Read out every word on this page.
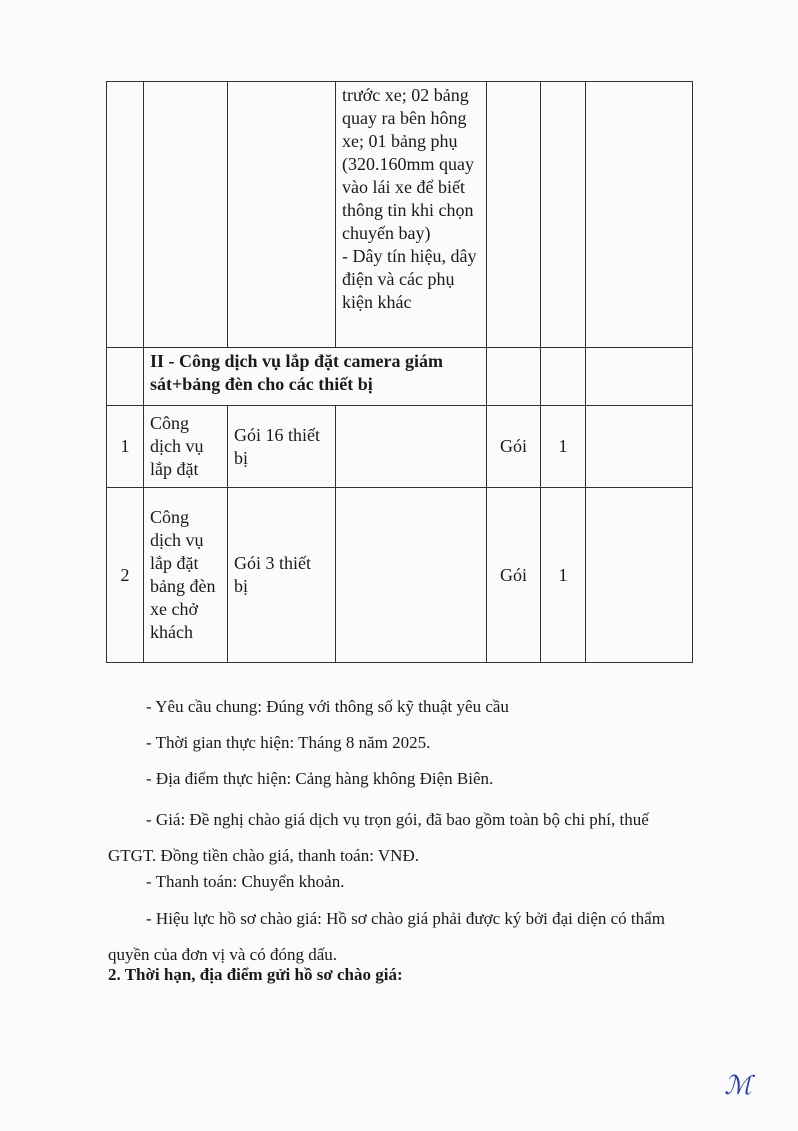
			trước xe; 02 bảng quay ra bên hông xe; 01 bảng phụ (320.160mm quay vào lái xe để biết thông tin khi chọn chuyến bay)
- Dây tín hiệu, dây điện và các phụ kiện khác			

	II - Công dịch vụ lắp đặt camera giám sát+bảng đèn cho các thiết bị					
1	Công dịch vụ lắp đặt	Gói 16 thiết bị		Gói	1	
2	Công dịch vụ lắp đặt bảng đèn xe chở khách	Gói 3 thiết bị		Gói	1	
- Yêu cầu chung: Đúng với thông số kỹ thuật yêu cầu
- Thời gian thực hiện: Tháng 8 năm 2025.
- Địa điểm thực hiện: Cảng hàng không Điện Biên.
- Giá: Đề nghị chào giá dịch vụ trọn gói, đã bao gồm toàn bộ chi phí, thuế GTGT. Đồng tiền chào giá, thanh toán: VNĐ.
- Thanh toán: Chuyển khoản.
- Hiệu lực hồ sơ chào giá: Hồ sơ chào giá phải được ký bởi đại diện có thẩm quyền của đơn vị và có đóng dấu.
2. Thời hạn, địa điểm gửi hồ sơ chào giá:
ℳ
